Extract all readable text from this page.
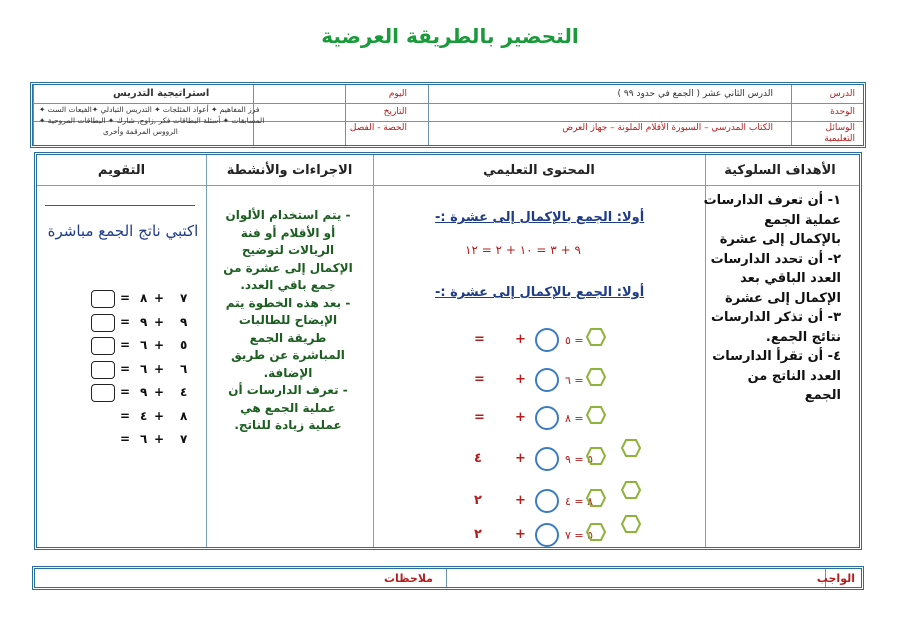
التحضير بالطريقة العرضية
الدرس
الوحدة
الوسائل التعليمية
الدرس الثاني عشر ( الجمع في حدود ٩٩ )
الكتاب المدرسي – السبورة الأقلام الملونة – جهاز العرض
اليوم
التاريخ
الحصة - الفصل
استراتيجية التدريس
فرز المفاهيم ✦ أعواد المثلجات ✦ التدريس التبادلي ✦الفيعات الست ✦
المسابقات ✦ أسئلة البطاقات فكر ,زاوج, شارك ✦ البطاقات المروحية ✦
الرووس المرقمة وأخرى
الأهداف السلوكية
المحتوى التعليمي
الاجراءات والأنشطة
التقويم
١- أن تعرف الدارسات
عملية الجمع
بالإكمال إلى عشرة
٢- أن تحدد الدارسات
العدد الباقي بعد
الإكمال إلى عشرة
٣- أن تذكر الدارسات
نتائج الجمع.
٤- أن تقرأ الدارسات
العدد الناتج من
الجمع
أولا: الجمع بالإكمال إلى عشرة :-
٩ + ٣ = ١٠ + ٢ = ١٢
أولا: الجمع بالإكمال إلى عشرة :-
٥ =
+
=
٦ =
+
=
٨ =
+
=
٥ = ٩
+
٤
٨ = ٤
+
٢
٥ = ٧
+
٢
- يتم استخدام الألوان
أو الأقلام أو فنة
الريالات لتوضيح
الإكمال إلى عشرة من
جمع باقي العدد.
- بعد هذه الخطوة يتم
الإيضاح للطالبات
طريقة الجمع
المباشرة عن طريق
الإضافة.
- تعرف الدارسات أن
عملية الجمع هي
عملية زيادة للناتج.
اكتبي ناتج الجمع مباشرة
٧
+
٨
=
٩
+
٩
=
٥
+
٦
=
٦
+
٦
=
٤
+
٩
=
٨
+
٤
=
٧
+
٦
=
الواجب
ملاحظات
